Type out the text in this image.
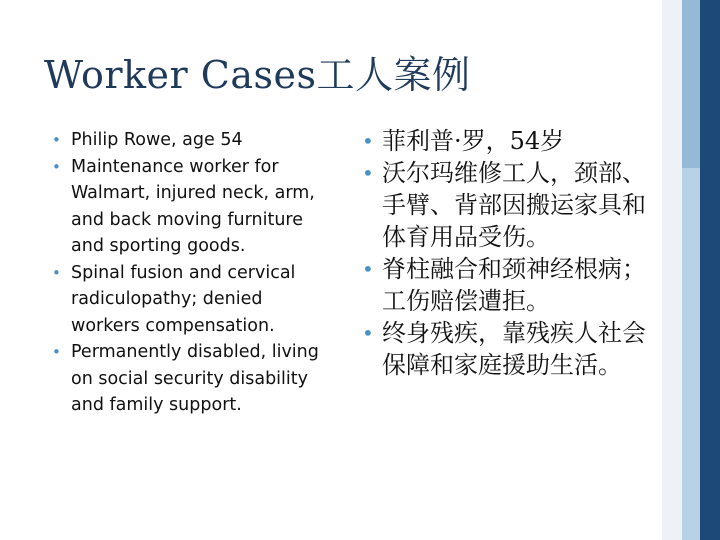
Worker Cases工人案例
• Philip Rowe, age 54
• Maintenance worker for Walmart, injured neck, arm, and back moving furniture and sporting goods.
• Spinal fusion and cervical radiculopathy; denied workers compensation.
• Permanently disabled, living on social security disability and family support.
• 菲利普·罗，54岁
• 沃尔玛维修工人，颈部、手臂、背部因搬运家具和体育用品受伤。
• 脊柱融合和颈神经根病；工伤赔偿遭拒。
• 终身残疾，靠残疾人社会保障和家庭援助生活。
